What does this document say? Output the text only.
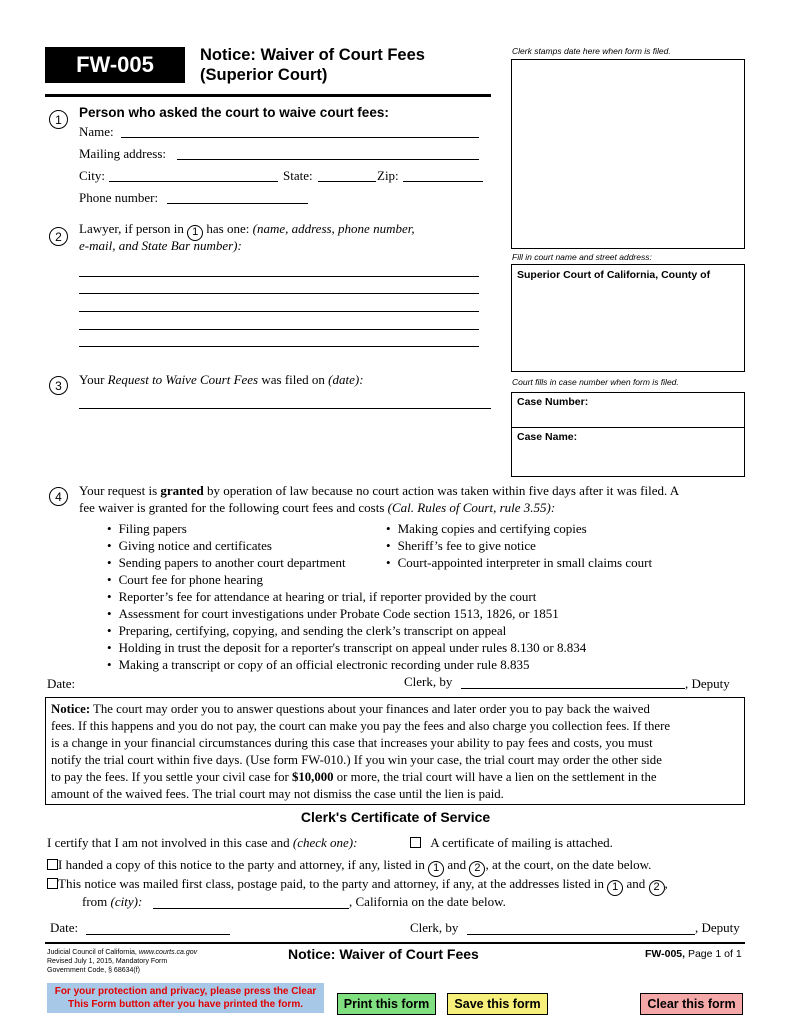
FW-005	Notice: Waiver of Court Fees
(Superior Court)
Clerk stamps date here when form is filed.
Fill in court name and street address:
Superior Court of California, County of
Court fills in case number when form is filed.
Case Number:
Case Name:
1	Person who asked the court to waive court fees:
Name:
Mailing address:
City:	State:	Zip:
Phone number:
2
Lawyer, if person in 1 has one: (name, address, phone number,
e-mail, and State Bar number):
3	Your Request to Waive Court Fees was filed on (date):
4	Your request is granted by operation of law because no court action was taken within five days after it was filed. A
fee waiver is granted for the following court fees and costs (Cal. Rules of Court, rule 3.55):
• Filing papers
• Giving notice and certificates
• Sending papers to another court department
• Court fee for phone hearing
• Making copies and certifying copies
• Sheriff’s fee to give notice
• Court-appointed interpreter in small claims court
• Reporter’s fee for attendance at hearing or trial, if reporter provided by the court
• Assessment for court investigations under Probate Code section 1513, 1826, or 1851
• Preparing, certifying, copying, and sending the clerk’s transcript on appeal
• Holding in trust the deposit for a reporter's transcript on appeal under rules 8.130 or 8.834
• Making a transcript or copy of an official electronic recording under rule 8.835
Date:	Clerk, by	, Deputy
Notice: The court may order you to answer questions about your finances and later order you to pay back the waived
fees. If this happens and you do not pay, the court can make you pay the fees and also charge you collection fees. If there
is a change in your financial circumstances during this case that increases your ability to pay fees and costs, you must
notify the trial court within five days. (Use form FW-010.) If you win your case, the trial court may order the other side
to pay the fees. If you settle your civil case for $10,000 or more, the trial court will have a lien on the settlement in the
amount of the waived fees. The trial court may not dismiss the case until the lien is paid.
Clerk's Certificate of Service
I certify that I am not involved in this case and (check one):	A certificate of mailing is attached.
I handed a copy of this notice to the party and attorney, if any, listed in 1 and 2 , at the court, on the date below.
This notice was mailed first class, postage paid, to the party and attorney, if any, at the addresses listed in 1 and 2 ,
from (city):	, California on the date below.
Date:	Clerk, by	, Deputy
Judicial Council of California, www.courts.ca.gov
Revised July 1, 2015, Mandatory Form
Government Code, § 68634(f)
Notice: Waiver of Court Fees	FW-005, Page 1 of 1
For your protection and privacy, please press the Clear
This Form button after you have printed the form.	Print this form	Save this form	Clear this form
